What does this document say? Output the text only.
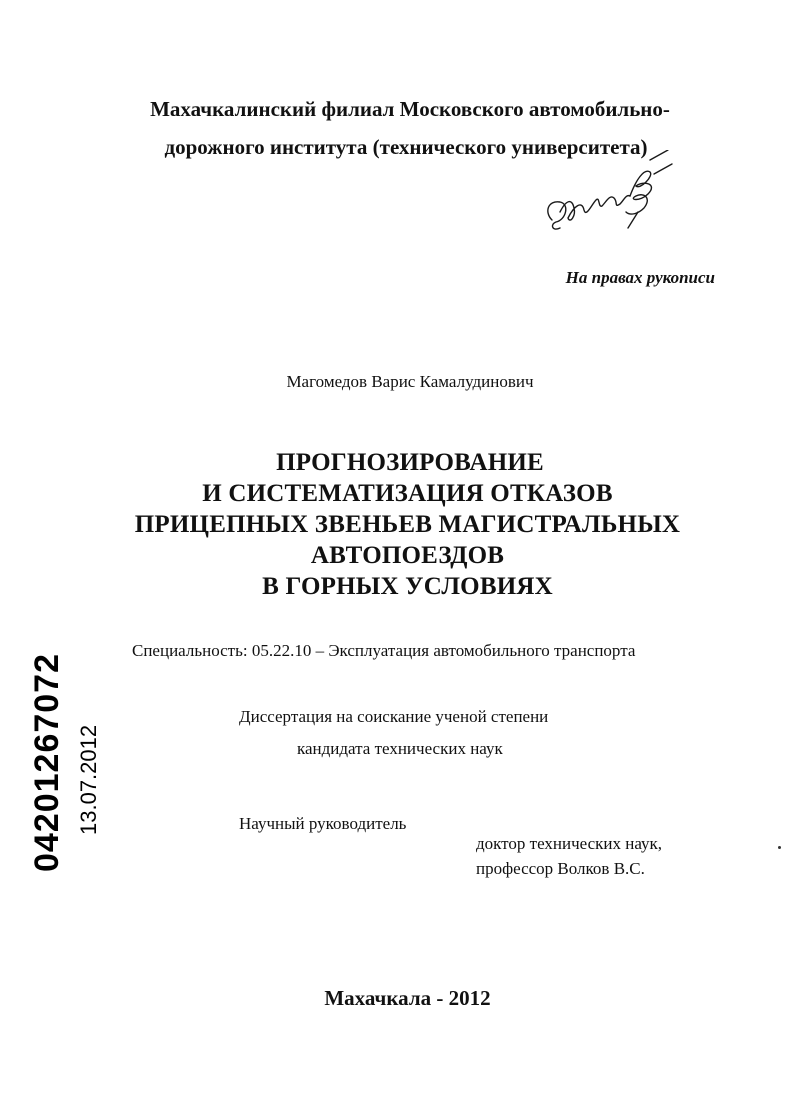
Махачкалинский филиал Московского автомобильно-
дорожного института (технического университета)
На правах рукописи
Магомедов Варис Камалудинович
ПРОГНОЗИРОВАНИЕ
И СИСТЕМАТИЗАЦИЯ ОТКАЗОВ
ПРИЦЕПНЫХ ЗВЕНЬЕВ МАГИСТРАЛЬНЫХ
АВТОПОЕЗДОВ
В ГОРНЫХ УСЛОВИЯХ
Специальность: 05.22.10 – Эксплуатация автомобильного транспорта
Диссертация на соискание ученой степени
кандидата технических наук
Научный руководитель
доктор технических наук,
профессор Волков В.С.
Махачкала - 2012
04201267072 13.07.2012
